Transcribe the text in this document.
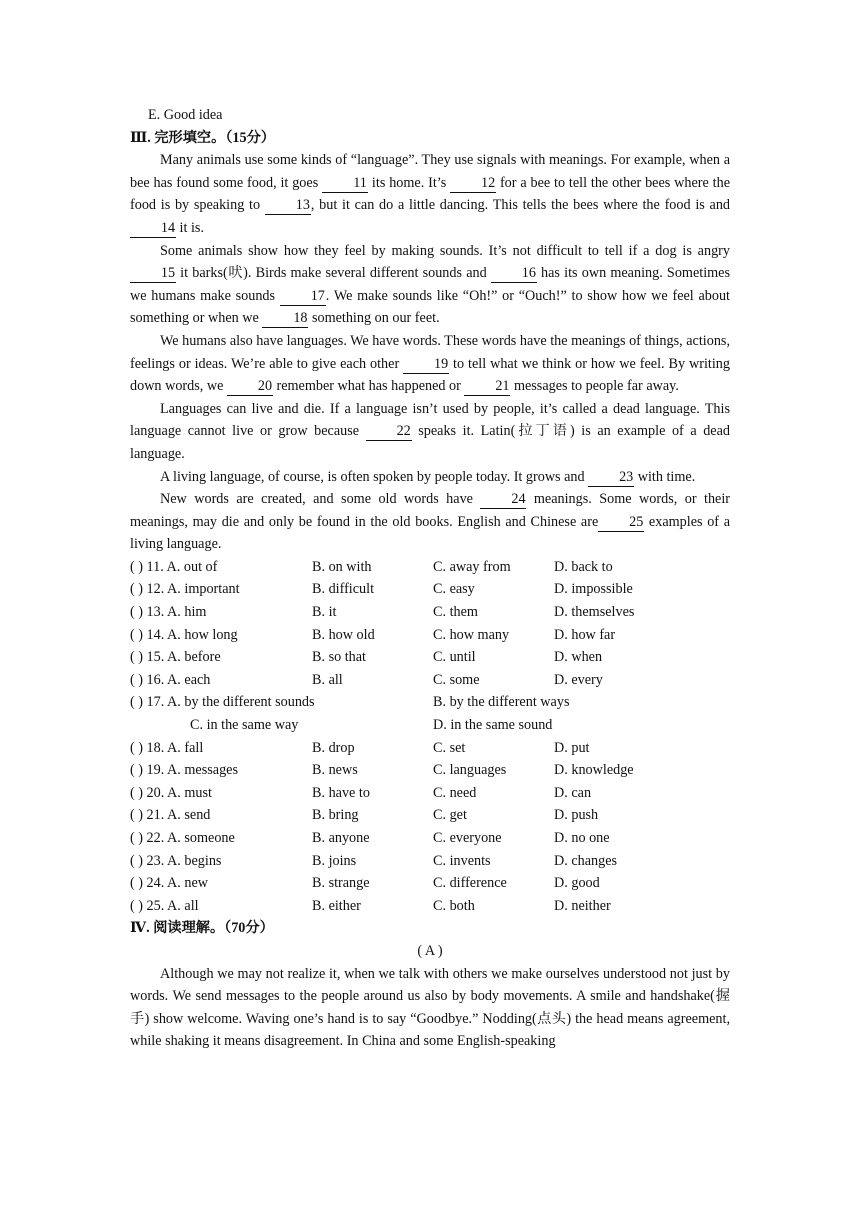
E. Good idea

Ⅲ. 完形填空。（15分）

Many animals use some kinds of “language”. They use signals with meanings. For example, when a bee has found some food, it goes 11 its home. It’s 12 for a bee to tell the other bees where the food is by speaking to 13, but it can do a little dancing. This tells the bees where the food is and 14 it is.

Some animals show how they feel by making sounds. It’s not difficult to tell if a dog is angry 15 it barks(吠). Birds make several different sounds and 16 has its own meaning. Sometimes we humans make sounds 17. We make sounds like “Oh!” or “Ouch!” to show how we feel about something or when we 18 something on our feet.

We humans also have languages. We have words. These words have the meanings of things, actions, feelings or ideas. We’re able to give each other 19 to tell what we think or how we feel. By writing down words, we 20 remember what has happened or 21 messages to people far away.

Languages can live and die. If a language isn’t used by people, it’s called a dead language. This language cannot live or grow because 22 speaks it. Latin(拉丁语) is an example of a dead language.

A living language, of course, is often spoken by people today. It grows and 23 with time.

New words are created, and some old words have 24 meanings. Some words, or their meanings, may die and only be found in the old books. English and Chinese are 25 examples of a living language.

( ) 11. A. out of	B. on with	C. away from	D. back to
( ) 12. A. important	B. difficult	C. easy	D. impossible
( ) 13. A. him	B. it	C. them	D. themselves
( ) 14. A. how long	B. how old	C. how many	D. how far
( ) 15. A. before	B. so that	C. until	D. when
( ) 16. A. each	B. all	C. some	D. every
( ) 17. A. by the different sounds	B. by the different ways
C. in the same way	D. in the same sound
( ) 18. A. fall	B. drop	C. set	D. put
( ) 19. A. messages	B. news	C. languages	D. knowledge
( ) 20. A. must	B. have to	C. need	D. can
( ) 21. A. send	B. bring	C. get	D. push
( ) 22. A. someone	B. anyone	C. everyone	D. no one
( ) 23. A. begins	B. joins	C. invents	D. changes
( ) 24. A. new	B. strange	C. difference	D. good
( ) 25. A. all	B. either	C. both	D. neither

Ⅳ. 阅读理解。（70分）

( A )

Although we may not realize it, when we talk with others we make ourselves understood not just by words. We send messages to the people around us also by body movements. A smile and handshake(握手) show welcome. Waving one’s hand is to say “Goodbye.” Nodding(点头) the head means agreement, while shaking it means disagreement. In China and some English-speaking
